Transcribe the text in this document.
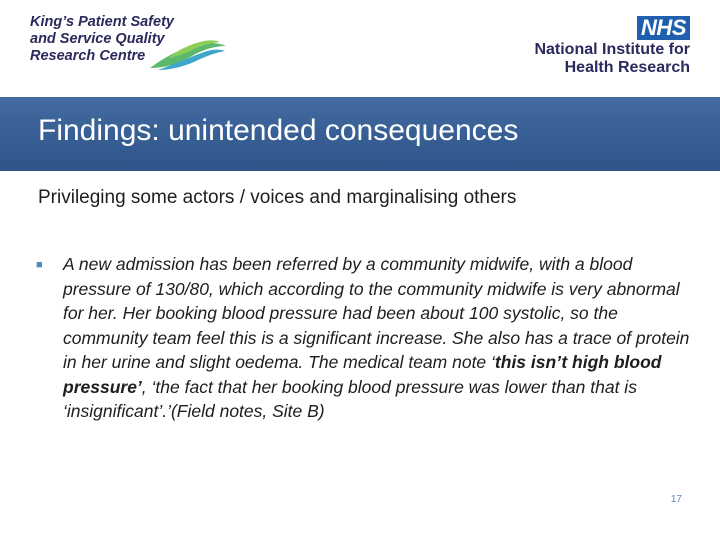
King’s Patient Safety
and Service Quality
Research Centre
NHS
National Institute for
Health Research
Findings: unintended consequences
Privileging some actors / voices and marginalising others
■ A new admission has been referred by a community midwife, with a blood pressure of 130/80, which according to the community midwife is very abnormal for her. Her booking blood pressure had been about 100 systolic, so the community team feel this is a significant increase. She also has a trace of protein in her urine and slight oedema. The medical team note ‘this isn’t high blood pressure’, ‘the fact that her booking blood pressure was lower than that is ‘insignificant’.’(Field notes, Site B)
17
